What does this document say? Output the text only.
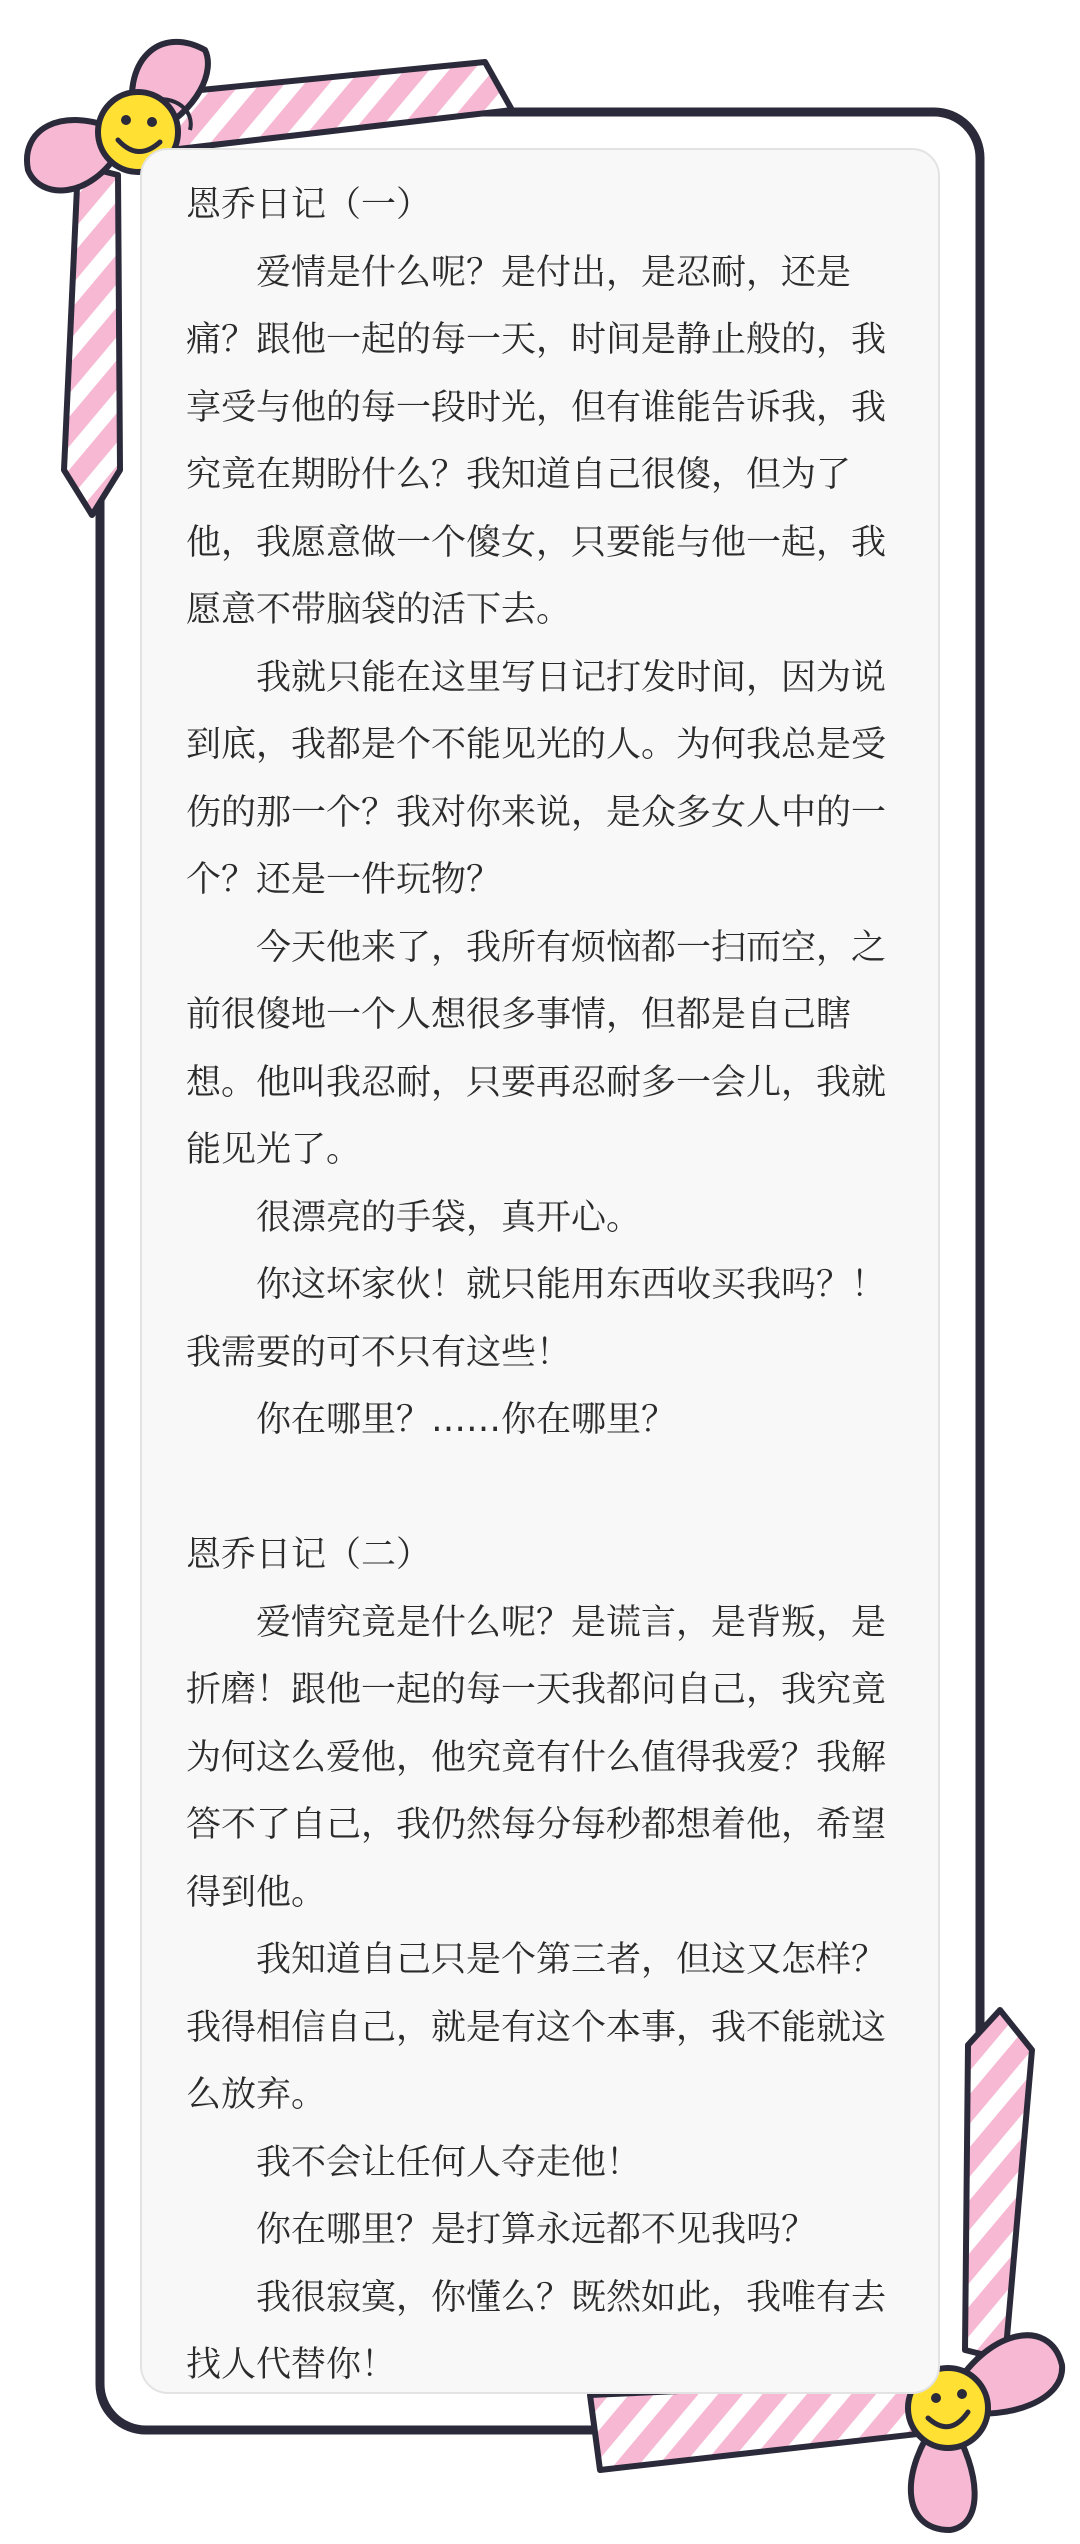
恩乔日记（一）

爱情是什么呢？是付出，是忍耐，还是痛？跟他一起的每一天，时间是静止般的，我享受与他的每一段时光，但有谁能告诉我，我究竟在期盼什么？我知道自己很傻，但为了他，我愿意做一个傻女，只要能与他一起，我愿意不带脑袋的活下去。

我就只能在这里写日记打发时间，因为说到底，我都是个不能见光的人。为何我总是受伤的那一个？我对你来说，是众多女人中的一个？还是一件玩物？

今天他来了，我所有烦恼都一扫而空，之前很傻地一个人想很多事情，但都是自己瞎想。他叫我忍耐，只要再忍耐多一会儿，我就能见光了。

很漂亮的手袋，真开心。

你这坏家伙！就只能用东西收买我吗？！我需要的可不只有这些！

你在哪里？……你在哪里？

恩乔日记（二）

爱情究竟是什么呢？是谎言，是背叛，是折磨！跟他一起的每一天我都问自己，我究竟为何这么爱他，他究竟有什么值得我爱？我解答不了自己，我仍然每分每秒都想着他，希望得到他。

我知道自己只是个第三者，但这又怎样？我得相信自己，就是有这个本事，我不能就这么放弃。

我不会让任何人夺走他！

你在哪里？是打算永远都不见我吗？

我很寂寞，你懂么？既然如此，我唯有去找人代替你！
